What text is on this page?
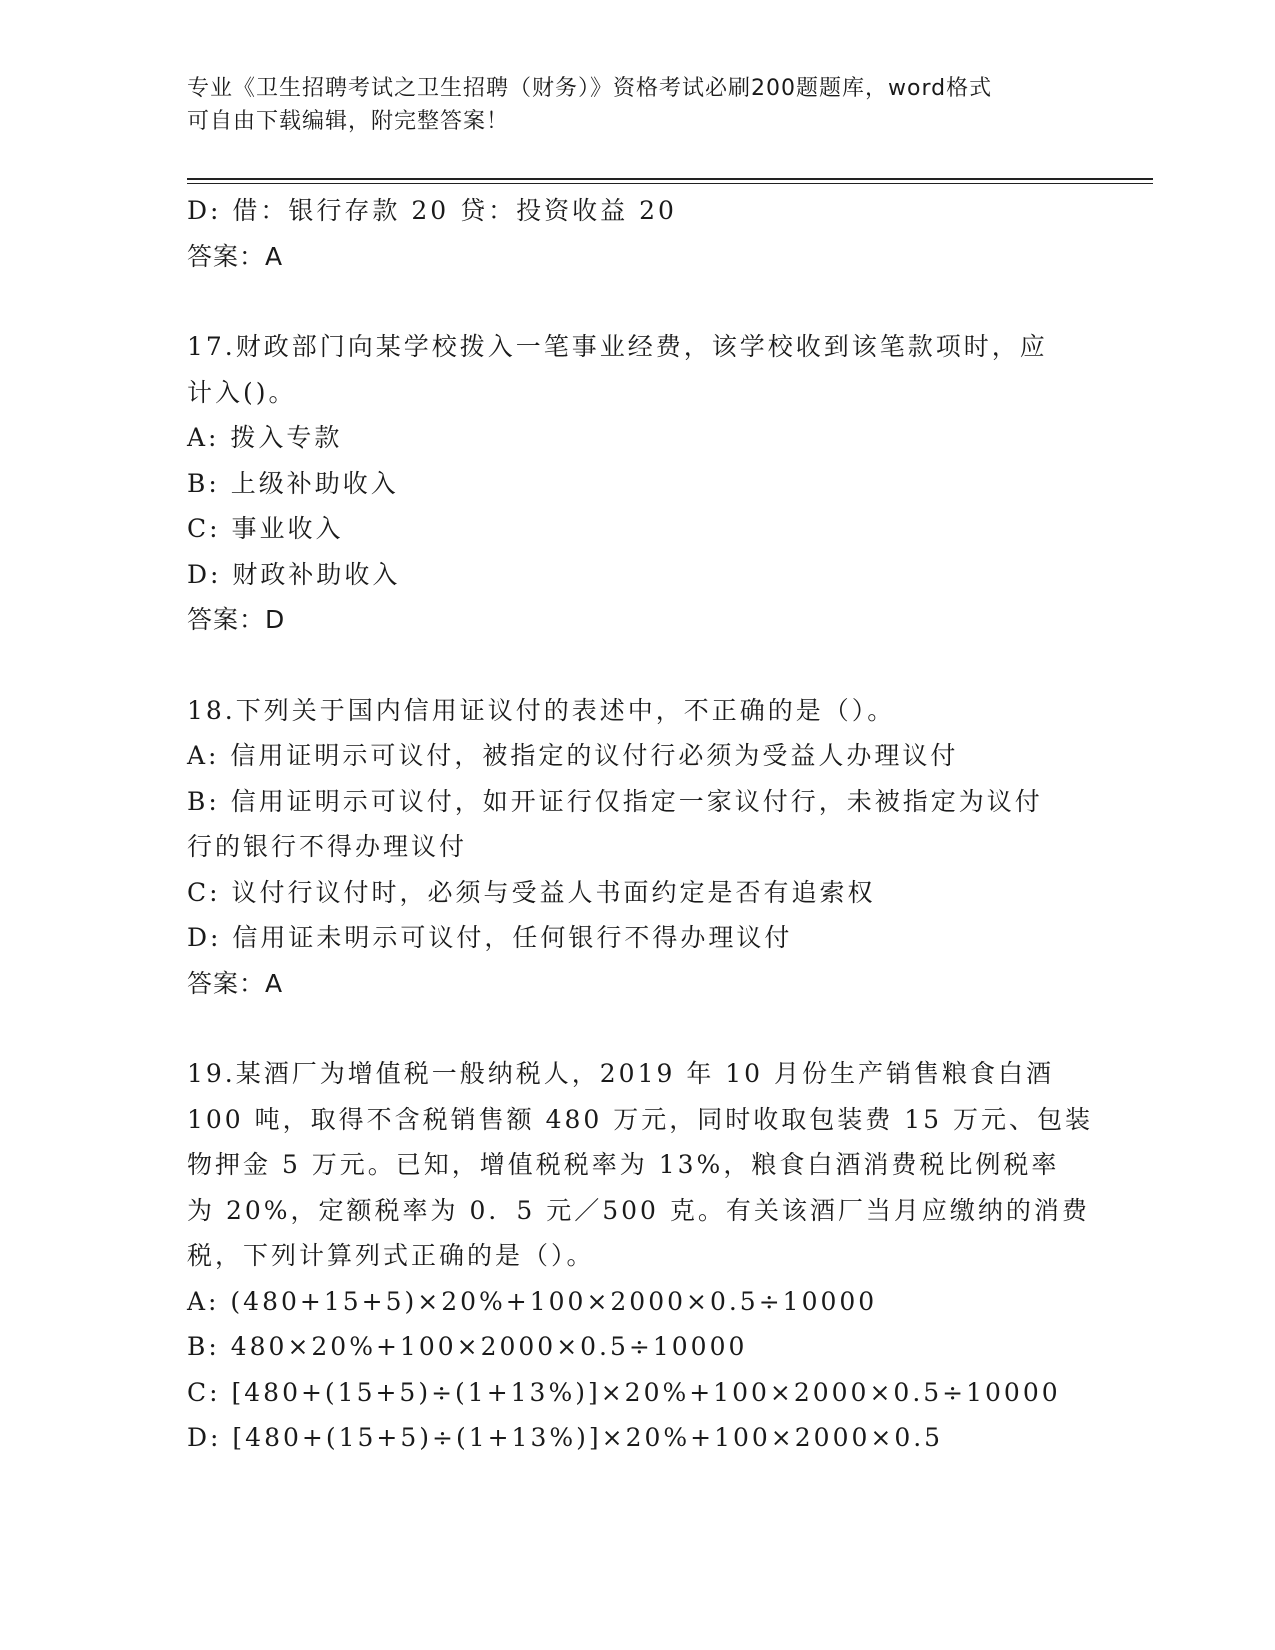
专业《卫生招聘考试之卫生招聘（财务）》资格考试必刷200题题库，word格式
可自由下载编辑，附完整答案！
D: 借：银行存款 20 贷：投资收益 20
答案：A
17.财政部门向某学校拨入一笔事业经费，该学校收到该笔款项时，应
计入()。
A: 拨入专款
B: 上级补助收入
C: 事业收入
D: 财政补助收入
答案：D
18.下列关于国内信用证议付的表述中，不正确的是（）。
A: 信用证明示可议付，被指定的议付行必须为受益人办理议付
B: 信用证明示可议付，如开证行仅指定一家议付行，未被指定为议付
行的银行不得办理议付
C: 议付行议付时，必须与受益人书面约定是否有追索权
D: 信用证未明示可议付，任何银行不得办理议付
答案：A
19.某酒厂为增值税一般纳税人，2019 年 10 月份生产销售粮食白酒
100 吨，取得不含税销售额 480 万元，同时收取包装费 15 万元、包装
物押金 5 万元。已知，增值税税率为 13%，粮食白酒消费税比例税率
为 20%，定额税率为 0．5 元／500 克。有关该酒厂当月应缴纳的消费
税，下列计算列式正确的是（）。
A: (480+15+5)×20%+100×2000×0.5÷10000
B: 480×20%+100×2000×0.5÷10000
C: [480+(15+5)÷(1+13%)]×20%+100×2000×0.5÷10000
D: [480+(15+5)÷(1+13%)]×20%+100×2000×0.5
